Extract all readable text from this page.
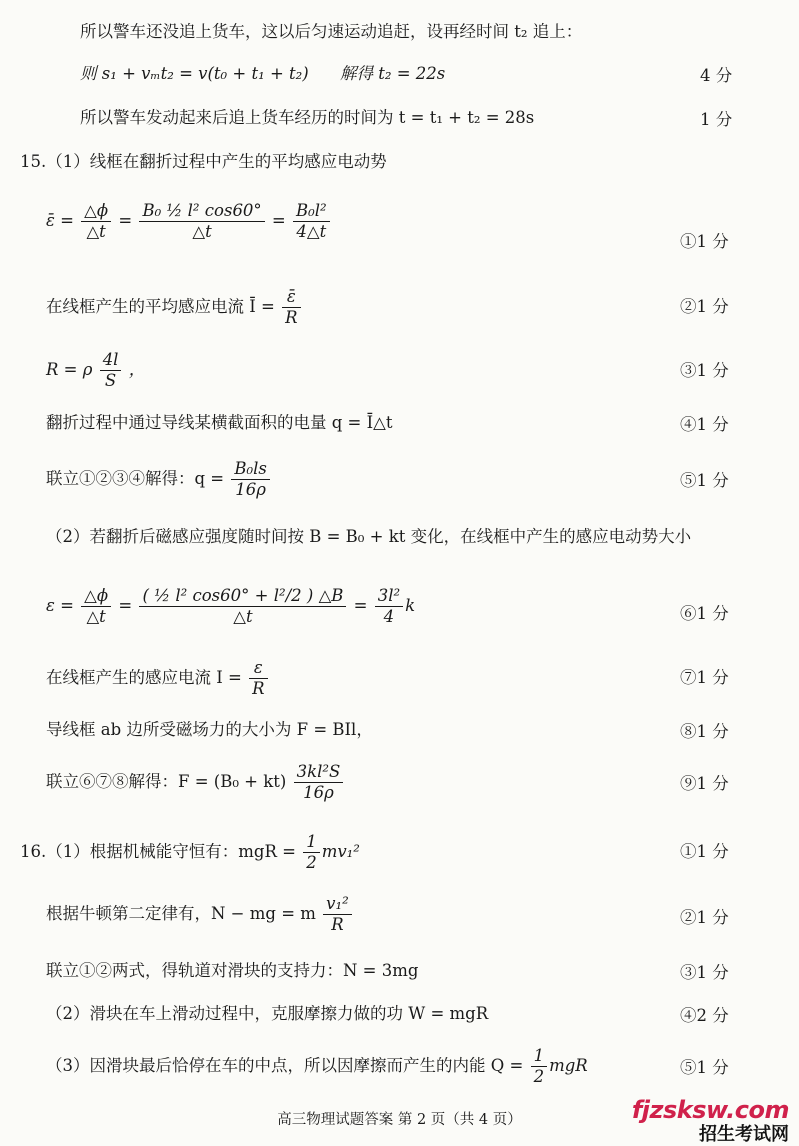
所以警车还没追上货车，这以后匀速运动追赶，设再经时间 t₂ 追上：
则 s₁ + vₘt₂ = v(t₀ + t₁ + t₂) 解得 t₂ = 22s	4 分
所以警车发动起来后追上货车经历的时间为 t = t₁ + t₂ = 28s	1 分
15.（1）线框在翻折过程中产生的平均感应电动势
ε̄ = $\frac{\triangle\phi}{\triangle t} = \frac{\text{B₀ ½ l² cos60°}}{\triangle t} = \frac{\text{B₀l²}}{4\triangle t}$	①1 分
在线框产生的平均感应电流 Ī = $\frac{\varepsilon̄}{R}$	②1 分
R = ρ $\frac{4l}{S}$ ，	③1 分
翻折过程中通过导线某横截面积的电量 q = Ī△t	④1 分
联立①②③④解得：$q = \frac{\text{B₀ls}}{16\rho}$	⑤1 分
（2）若翻折后磁感应强度随时间按 B = B₀ + kt 变化，在线框中产生的感应电动势大小
$\varepsilon = \frac{\triangle\phi}{\triangle t} = \frac{\text{( ½ l² cos60° + l²/2 ) △B}}{\triangle t} = \frac{\text{3l²}}{4}$ k	⑥1 分
在线框产生的感应电流 $I = \frac{\varepsilon}{R}$	⑦1 分
导线框 ab 边所受磁场力的大小为 F = BIl，	⑧1 分
联立⑥⑦⑧解得：$F = (B_0 + kt) \frac{\text{3kl²S}}{16\rho}$	⑨1 分
16.（1）根据机械能守恒有：mgR = $\frac{1}{2} mv_1^2$	①1 分
根据牛顿第二定律有，N − mg = m $\frac{\text{v₁²}}{R}$	②1 分
联立①②两式，得轨道对滑块的支持力：N = 3mg	③1 分
（2）滑块在车上滑动过程中，克服摩擦力做的功 W = mgR	④2 分
（3）因滑块最后恰停在车的中点，所以因摩擦而产生的内能 $Q = \frac{1}{2}$ mgR	⑤1 分
高三物理试题答案 第 2 页（共 4 页）	fjzsksw.com
招生考试网
